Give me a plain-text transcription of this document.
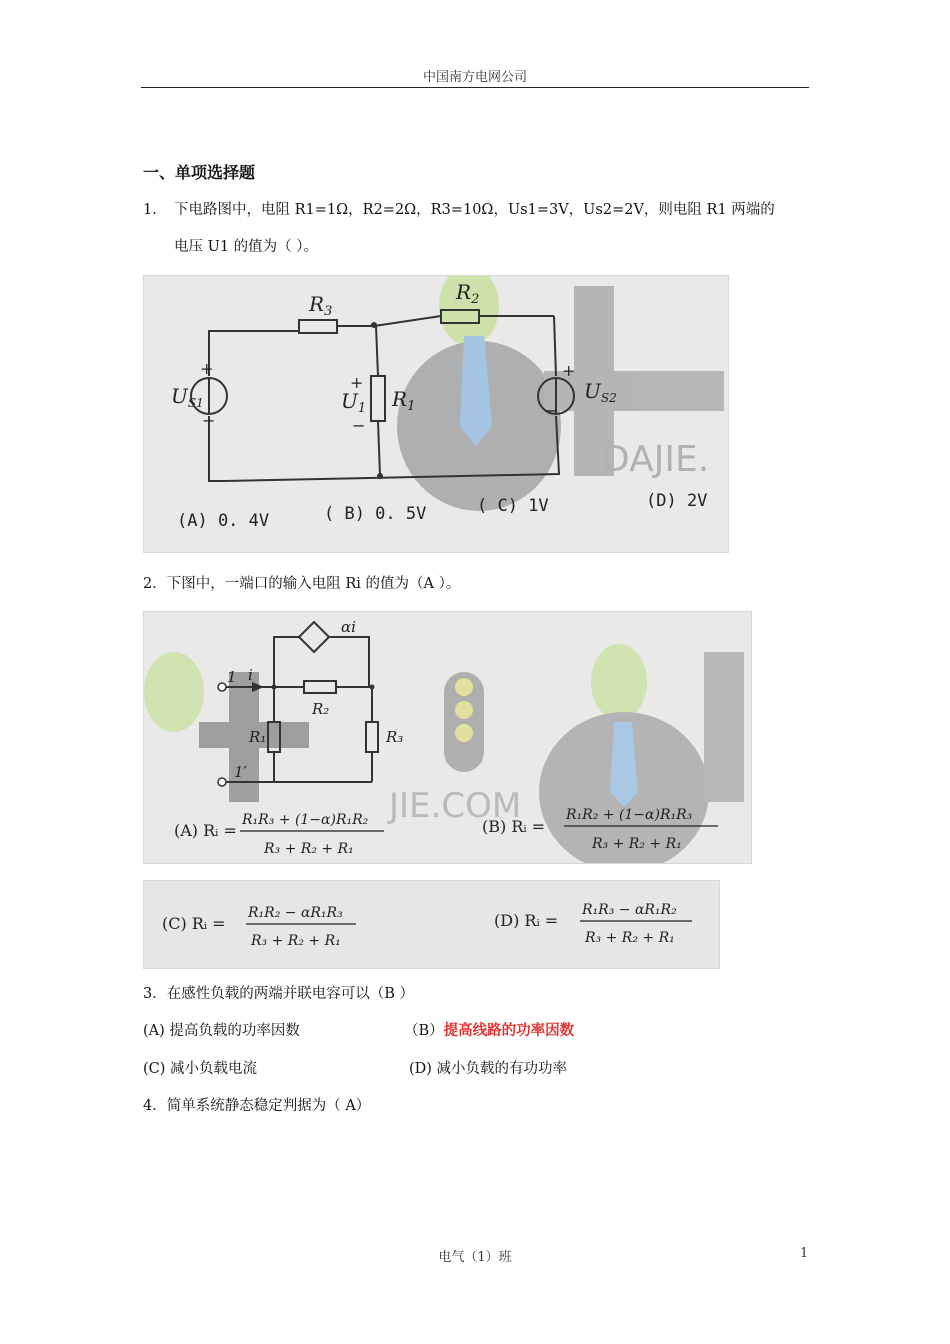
中国南方电网公司
一、单项选择题
1. 下电路图中，电阻 R1=1Ω，R2=2Ω，R3=10Ω，Us1=3V，Us2=2V，则电阻 R1 两端的
电压 U1 的值为（ ）。
DAJIE.
$R_3$
$R_2$
$R_1$
$U_1$
$U_{S1}$	$U_{S2}$
+
−
+
−
+
−
(A) 0. 4V	( B) 0. 5V	( C) 1V	(D) 2V
2．下图中，一端口的输入电阻 Ri 的值为（A ）。
JIE.COM
αi
1 i
1′
R₂
R₁	R₃
(A) Rᵢ =
R₁R₃ + (1−α)R₁R₂
R₃ + R₂ + R₁
(B) Rᵢ =
R₁R₂ + (1−α)R₁R₃
R₃ + R₂ + R₁
(C) Rᵢ =
R₁R₂ − αR₁R₃
R₃ + R₂ + R₁
(D) Rᵢ =
R₁R₃ − αR₁R₂
R₃ + R₂ + R₁
3．在感性负载的两端并联电容可以（B ）
(A) 提高负载的功率因数	（B）提高线路的功率因数
(C) 减小负载电流	(D) 减小负载的有功功率
4．简单系统静态稳定判据为（ A）
电气（1）班	1
